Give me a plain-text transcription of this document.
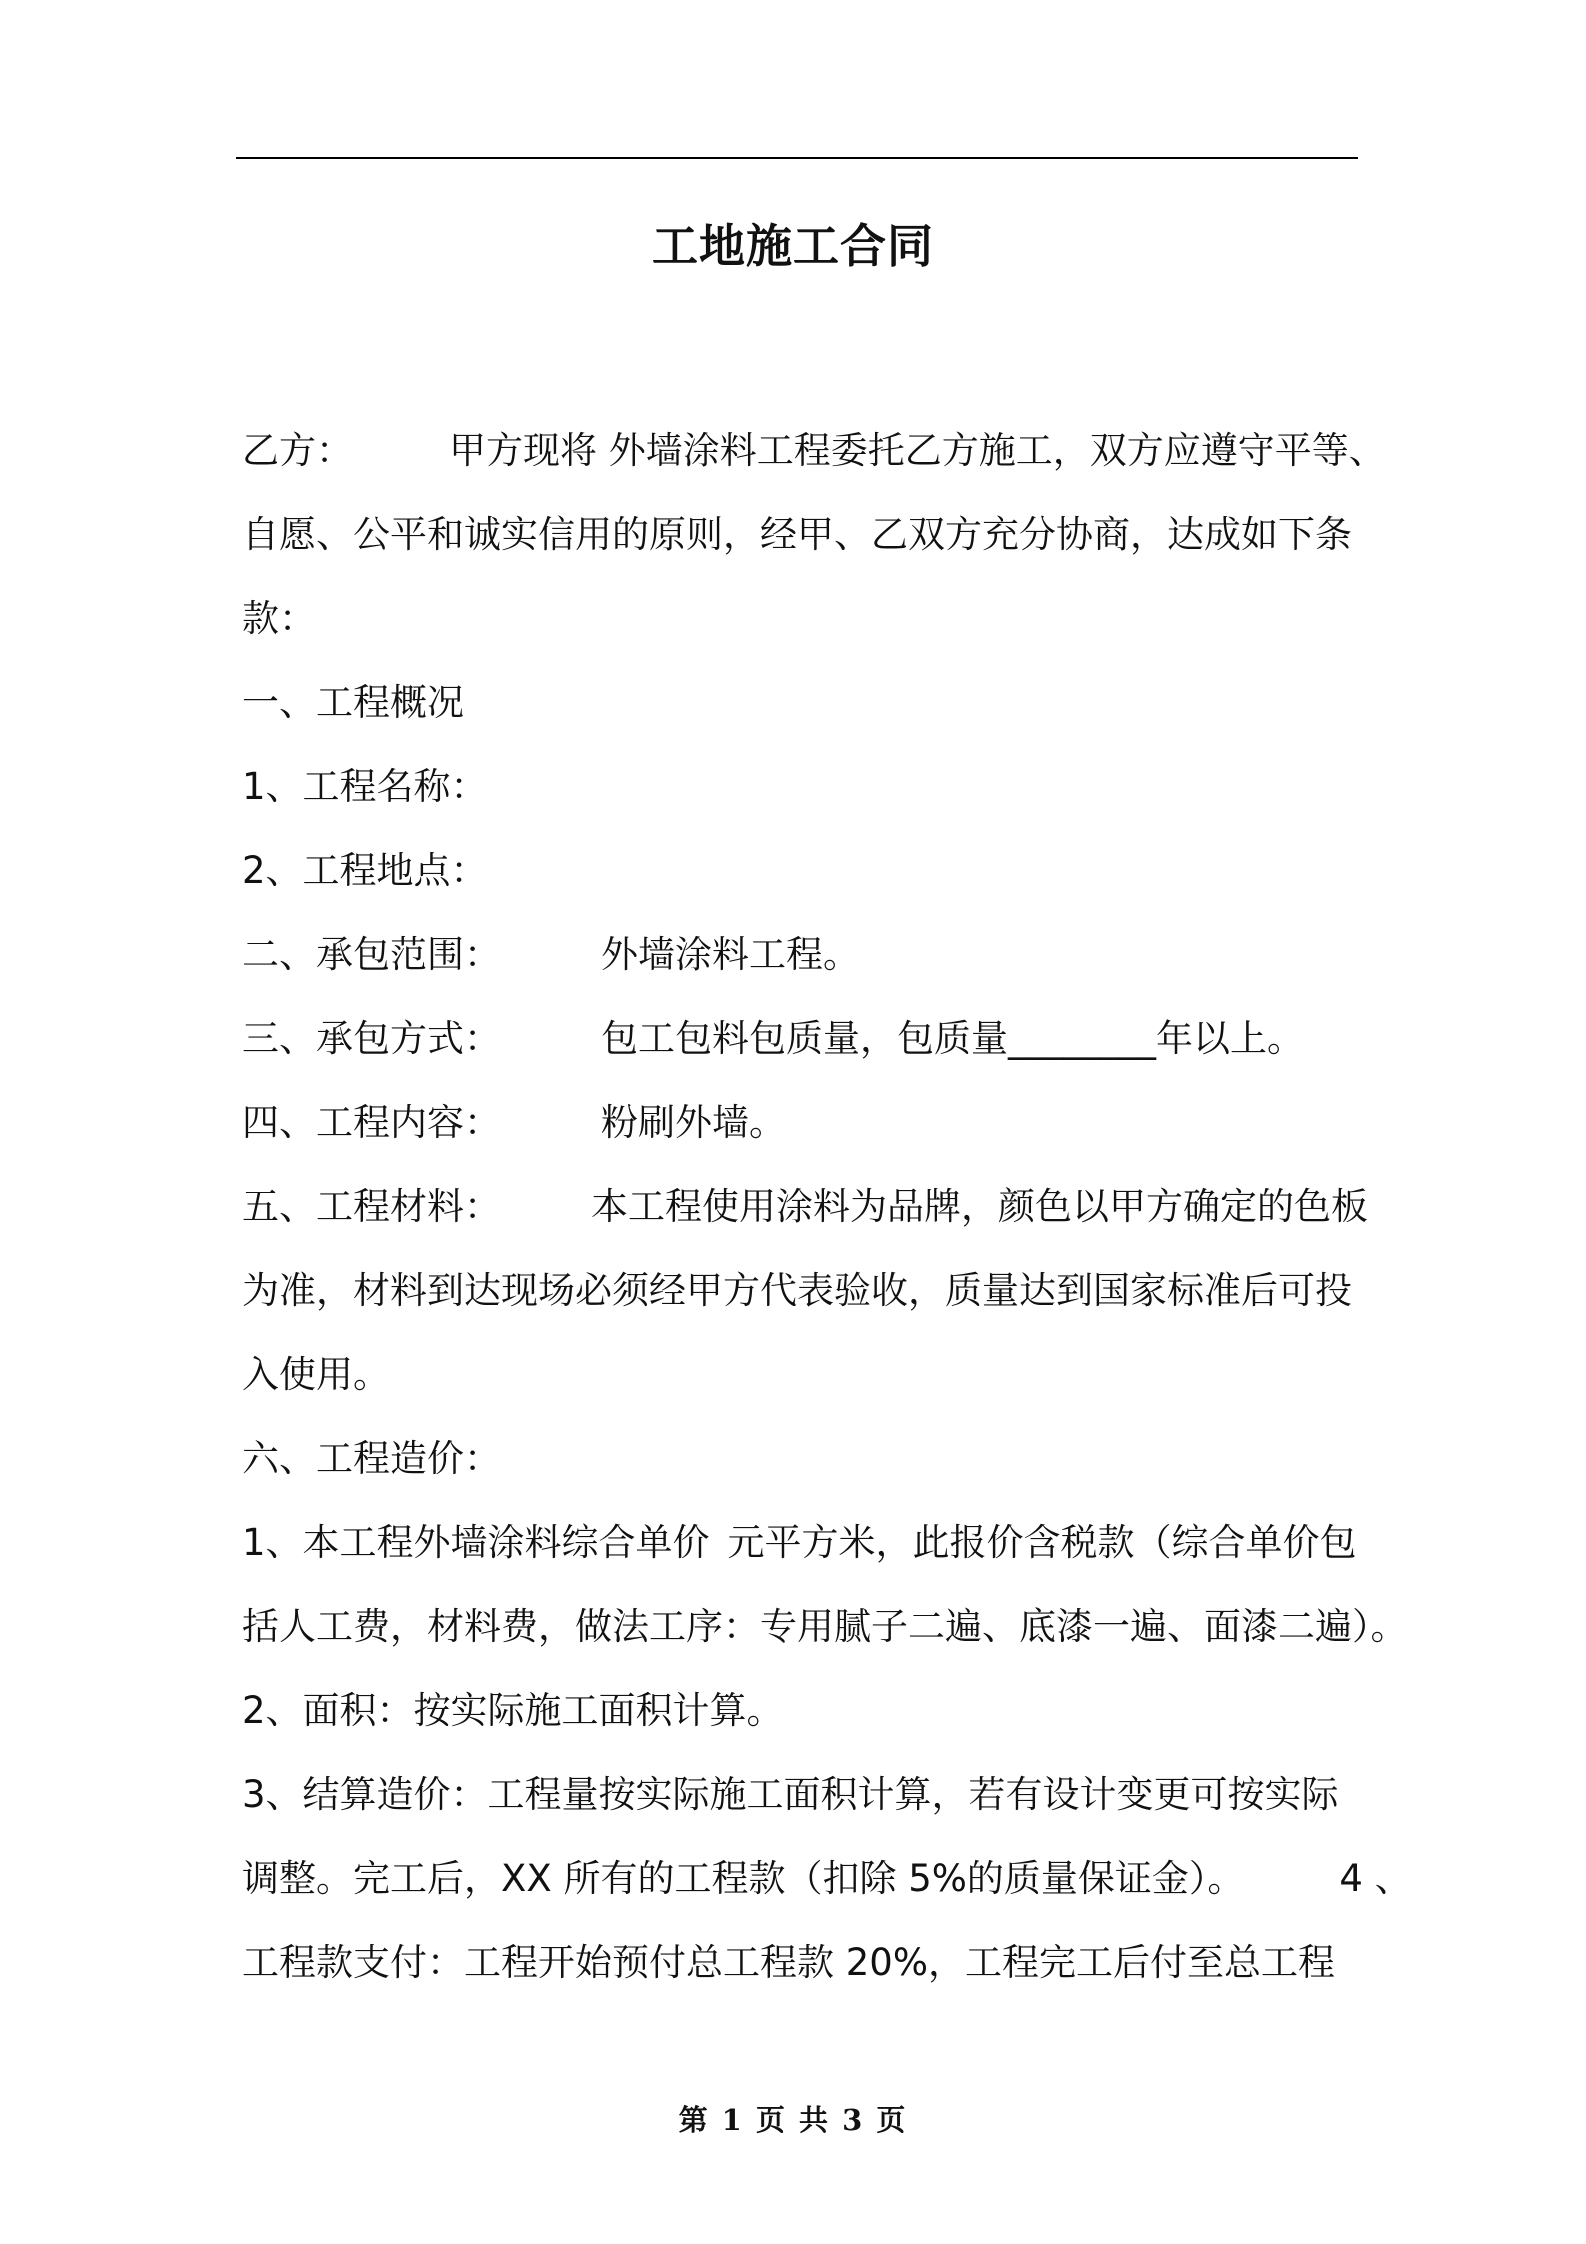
工地施工合同
乙方：	甲方现将 外墙涂料工程委托乙方施工，双方应遵守平等、
自愿、公平和诚实信用的原则，经甲、乙双方充分协商，达成如下条
款：
一、工程概况
1、工程名称：
2、工程地点：
二、承包范围：	外墙涂料工程。
三、承包方式：	包工包料包质量，包质量________年以上。
四、工程内容：	粉刷外墙。
五、工程材料： 本工程使用涂料为品牌，颜色以甲方确定的色板
为准，材料到达现场必须经甲方代表验收，质量达到国家标准后可投
入使用。
六、工程造价：
1、本工程外墙涂料综合单价 元平方米，此报价含税款（综合单价包
括人工费，材料费，做法工序：专用腻子二遍、底漆一遍、面漆二遍）。
2、面积：按实际施工面积计算。
3、结算造价：工程量按实际施工面积计算，若有设计变更可按实际
调整。完工后，XX 所有的工程款（扣除 5%的质量保证金）。	4 、
工程款支付：工程开始预付总工程款 20%，工程完工后付至总工程
第 1 页 共 3 页
